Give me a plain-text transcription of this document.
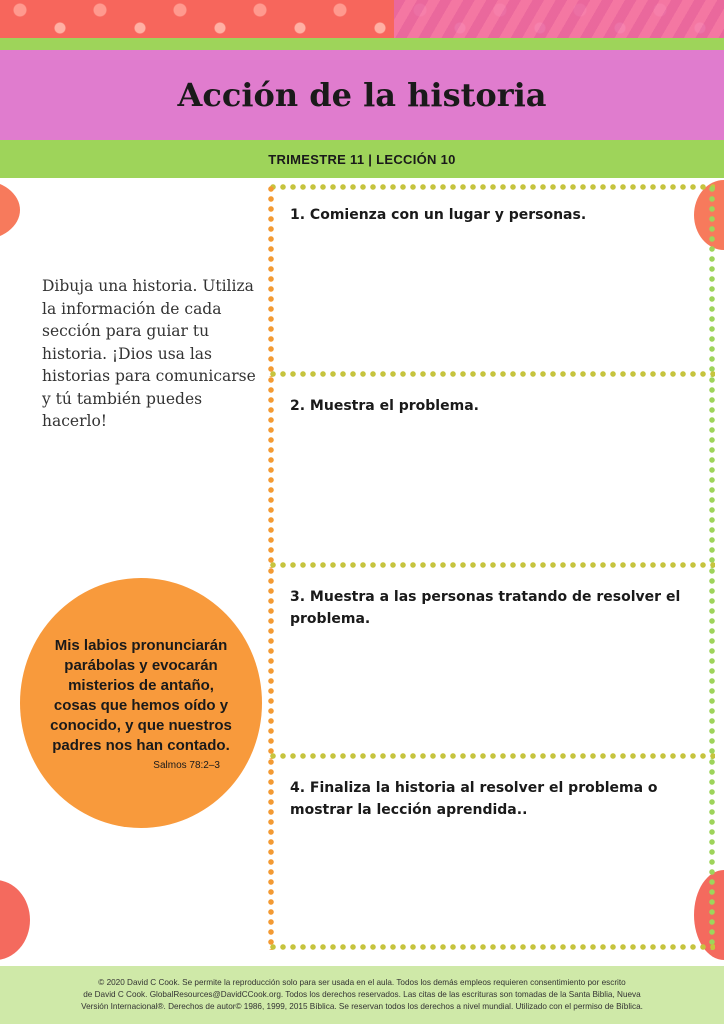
Acción de la historia
TRIMESTRE 11 | LECCIÓN 10

Dibuja una historia. Utiliza la información de cada sección para guiar tu historia. ¡Dios usa las historias para comunicarse y tú también puedes hacerlo!

Mis labios pronunciarán parábolas y evocarán misterios de antaño, cosas que hemos oído y conocido, y que nuestros padres nos han contado.

Salmos 78:2–3

1. Comienza con un lugar y personas.

2. Muestra el problema.

3. Muestra a las personas tratando de resolver el problema.

4. Finaliza la historia al resolver el problema o mostrar la lección aprendida..

© 2020 David C Cook. Se permite la reproducción solo para ser usada en el aula. Todos los demás empleos requieren consentimiento por escrito
de David C Cook. GlobalResources@DavidCCook.org. Todos los derechos reservados. Las citas de las escrituras son tomadas de la Santa Biblia, Nueva
Versión Internacional®. Derechos de autor© 1986, 1999, 2015 Bíblica. Se reservan todos los derechos a nivel mundial. Utilizado con el permiso de Bíblica.
